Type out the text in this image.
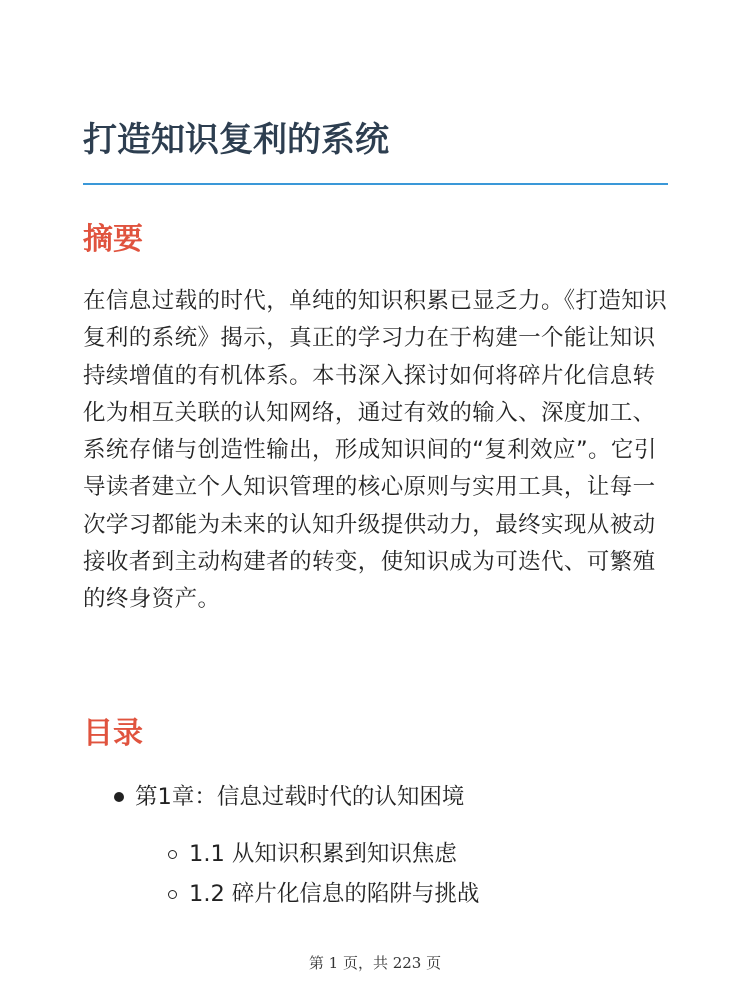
打造知识复利的系统
摘要

在信息过载的时代，单纯的知识积累已显乏力。《打造知识复利的系统》揭示，真正的学习力在于构建一个能让知识持续增值的有机体系。本书深入探讨如何将碎片化信息转化为相互关联的认知网络，通过有效的输入、深度加工、系统存储与创造性输出，形成知识间的“复利效应”。它引导读者建立个人知识管理的核心原则与实用工具，让每一次学习都能为未来的认知升级提供动力，最终实现从被动接收者到主动构建者的转变，使知识成为可迭代、可繁殖的终身资产。

目录
第1章：信息过载时代的认知困境
1.1 从知识积累到知识焦虑
1.2 碎片化信息的陷阱与挑战
第 1 页，共 223 页
